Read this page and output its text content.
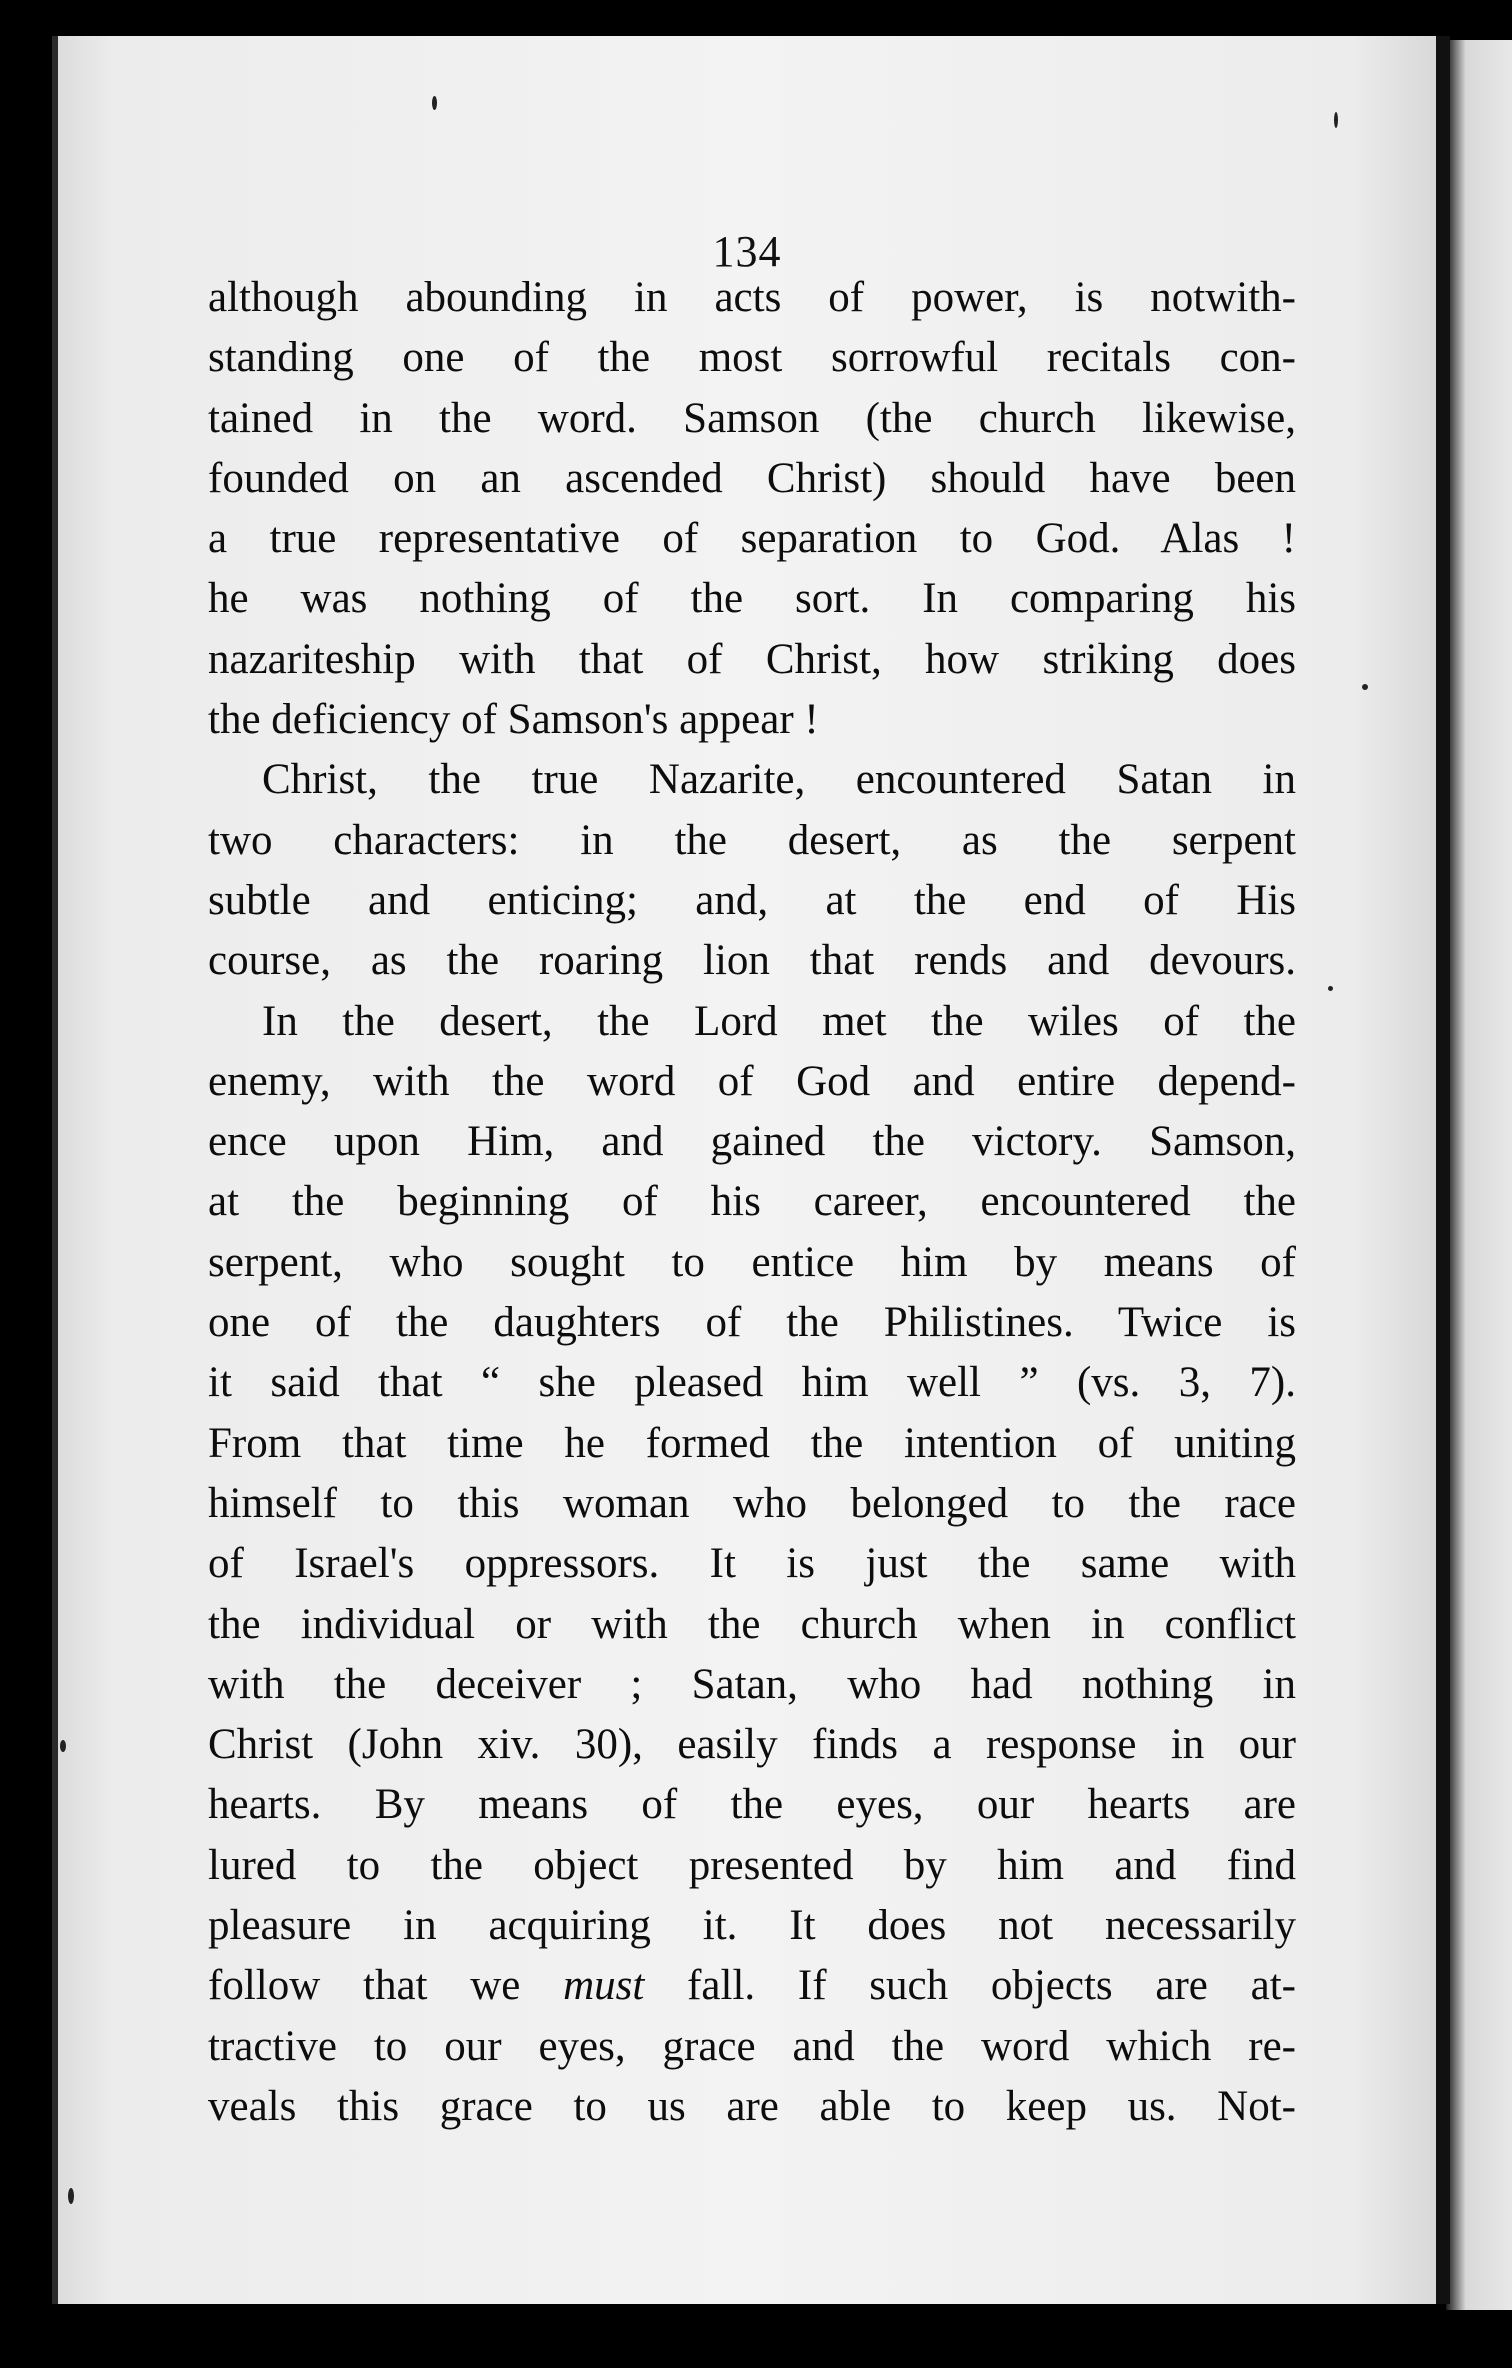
134
although abounding in acts of power, is notwith-
standing one of the most sorrowful recitals con-
tained in the word. Samson (the church likewise,
founded on an ascended Christ) should have been
a true representative of separation to God. Alas !
he was nothing of the sort. In comparing his
nazariteship with that of Christ, how striking does
the deficiency of Samson's appear !
Christ, the true Nazarite, encountered Satan in
two characters: in the desert, as the serpent
subtle and enticing; and, at the end of His
course, as the roaring lion that rends and devours.
In the desert, the Lord met the wiles of the
enemy, with the word of God and entire depend-
ence upon Him, and gained the victory. Samson,
at the beginning of his career, encountered the
serpent, who sought to entice him by means of
one of the daughters of the Philistines. Twice is
it said that “ she pleased him well ” (vs. 3, 7).
From that time he formed the intention of uniting
himself to this woman who belonged to the race
of Israel's oppressors. It is just the same with
the individual or with the church when in conflict
with the deceiver ; Satan, who had nothing in
Christ (John xiv. 30), easily finds a response in our
hearts. By means of the eyes, our hearts are
lured to the object presented by him and find
pleasure in acquiring it. It does not necessarily
follow that we must fall. If such objects are at-
tractive to our eyes, grace and the word which re-
veals this grace to us are able to keep us. Not-
